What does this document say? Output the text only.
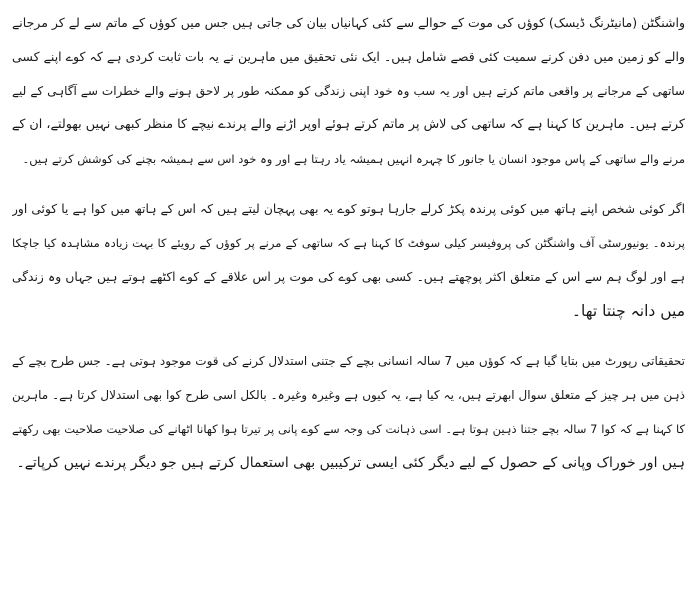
واشنگٹن (مانیٹرنگ ڈیسک) کوؤں کی موت کے حوالے سے کئی کہانیاں بیان کی جاتی ہیں جس میں کوؤں کے ماتم سے لے کر مرجانے
والے کو زمین میں دفن کرنے سمیت کئی قصے شامل ہیں۔ ایک نئی تحقیق میں ماہرین نے یہ بات ثابت کردی ہے کہ کوے اپنے کسی
ساتھی کے مرجانے پر واقعی ماتم کرتے ہیں اور یہ سب وہ خود اپنی زندگی کو ممکنہ طور پر لاحق ہونے والے خطرات سے آگاہی کے لیے
کرتے ہیں۔ ماہرین کا کہنا ہے کہ ساتھی کی لاش پر ماتم کرتے ہوئے اوپر اڑنے والے پرندے نیچے کا منظر کبھی نہیں بھولتے، ان کے
مرنے والے ساتھی کے پاس موجود انسان یا جانور کا چہرہ انہیں ہمیشہ یاد رہتا ہے اور وہ خود اس سے ہمیشہ بچنے کی کوشش کرتے ہیں۔
اگر کوئی شخص اپنے ہاتھ میں کوئی پرندہ پکڑ کرلے جارہا ہوتو کوے یہ بھی پہچان لیتے ہیں کہ اس کے ہاتھ میں کوا ہے یا کوئی اور
پرندہ۔ یونیورسٹی آف واشنگٹن کی پروفیسر کیلی سوفٹ کا کہنا ہے کہ ساتھی کے مرنے پر کوؤں کے رویئے کا بہت زیادہ مشاہدہ کیا جاچکا
ہے اور لوگ ہم سے اس کے متعلق اکثر پوچھتے ہیں۔ کسی بھی کوے کی موت پر اس علاقے کے کوے اکٹھے ہوتے ہیں جہاں وہ زندگی
میں دانہ چنتا تھا۔
تحقیقاتی رپورٹ میں بتایا گیا ہے کہ کوؤں میں 7 سالہ انسانی بچے کے جتنی استدلال کرنے کی قوت موجود ہوتی ہے۔ جس طرح بچے کے
ذہن میں ہر چیز کے متعلق سوال ابھرتے ہیں، یہ کیا ہے، یہ کیوں ہے وغیرہ وغیرہ۔ بالکل اسی طرح کوا بھی استدلال کرتا ہے۔ ماہرین
کا کہنا ہے کہ کوا 7 سالہ بچے جتنا ذہین ہوتا ہے۔ اسی ذہانت کی وجہ سے کوے پانی پر تیرتا ہوا کھانا اٹھانے کی صلاحیت صلاحیت بھی رکھتے
ہیں اور خوراک وپانی کے حصول کے لیے دیگر کئی ایسی ترکیبیں بھی استعمال کرتے ہیں جو دیگر پرندے نہیں کرپاتے۔
